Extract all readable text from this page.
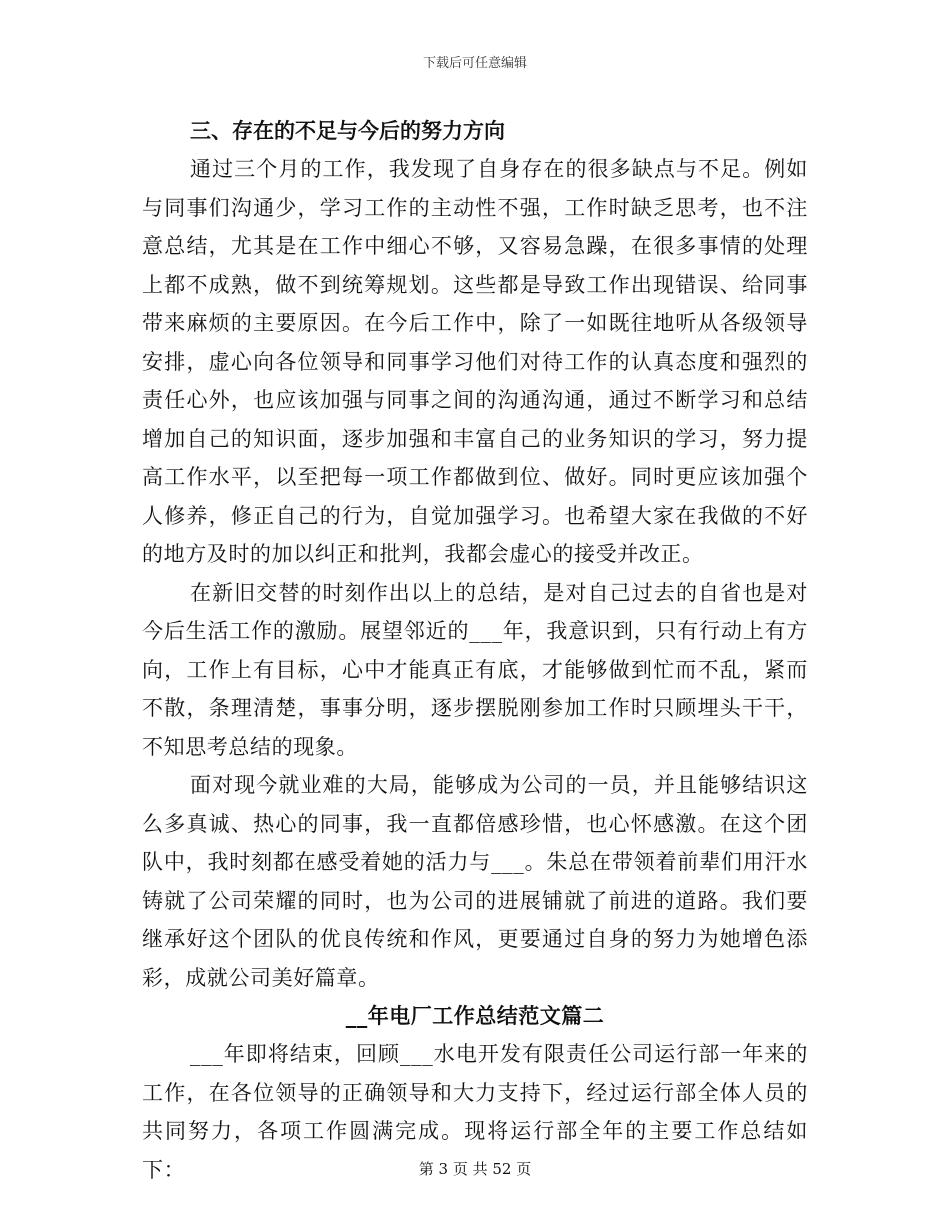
下载后可任意编辑

三、存在的不足与今后的努力方向

通过三个月的工作，我发现了自身存在的很多缺点与不足。例如与同事们沟通少，学习工作的主动性不强，工作时缺乏思考，也不注意总结，尤其是在工作中细心不够，又容易急躁，在很多事情的处理上都不成熟，做不到统筹规划。这些都是导致工作出现错误、给同事带来麻烦的主要原因。在今后工作中，除了一如既往地听从各级领导安排，虚心向各位领导和同事学习他们对待工作的认真态度和强烈的责任心外，也应该加强与同事之间的沟通沟通，通过不断学习和总结增加自己的知识面，逐步加强和丰富自己的业务知识的学习，努力提高工作水平，以至把每一项工作都做到位、做好。同时更应该加强个人修养，修正自己的行为，自觉加强学习。也希望大家在我做的不好的地方及时的加以纠正和批判，我都会虚心的接受并改正。

在新旧交替的时刻作出以上的总结，是对自己过去的自省也是对今后生活工作的激励。展望邻近的___年，我意识到，只有行动上有方向，工作上有目标，心中才能真正有底，才能够做到忙而不乱，紧而不散，条理清楚，事事分明，逐步摆脱刚参加工作时只顾埋头干干，不知思考总结的现象。

面对现今就业难的大局，能够成为公司的一员，并且能够结识这么多真诚、热心的同事，我一直都倍感珍惜，也心怀感激。在这个团队中，我时刻都在感受着她的活力与___。朱总在带领着前辈们用汗水铸就了公司荣耀的同时，也为公司的进展铺就了前进的道路。我们要继承好这个团队的优良传统和作风，更要通过自身的努力为她增色添彩，成就公司美好篇章。

__年电厂工作总结范文篇二

___年即将结束，回顾___水电开发有限责任公司运行部一年来的工作，在各位领导的正确领导和大力支持下，经过运行部全体人员的共同努力，各项工作圆满完成。现将运行部全年的主要工作总结如下：	第 3 页 共 52 页
